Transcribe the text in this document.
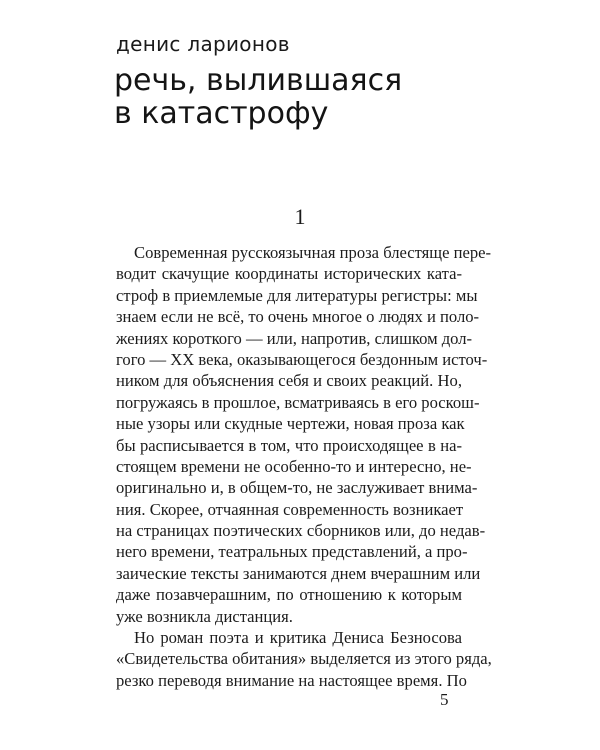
денис ларионов
речь, вылившаяся
в катастрофу
1
Современная русскоязычная проза блестяще пере-
водит скачущие координаты исторических ката-
строф в приемлемые для литературы регистры: мы
знаем если не всё, то очень многое о людях и поло-
жениях короткого — или, напротив, слишком дол-
гого — XX века, оказывающегося бездонным источ-
ником для объяснения себя и своих реакций. Но,
погружаясь в прошлое, всматриваясь в его роскош-
ные узоры или скудные чертежи, новая проза как
бы расписывается в том, что происходящее в на-
стоящем времени не особенно-то и интересно, не-
оригинально и, в общем-то, не заслуживает внима-
ния. Скорее, отчаянная современность возникает
на страницах поэтических сборников или, до недав-
него времени, театральных представлений, а про-
заические тексты занимаются днем вчерашним или
даже позавчерашним, по отношению к которым
уже возникла дистанция.
Но роман поэта и критика Дениса Безносова
«Свидетельства обитания» выделяется из этого ряда,
резко переводя внимание на настоящее время. По
5
